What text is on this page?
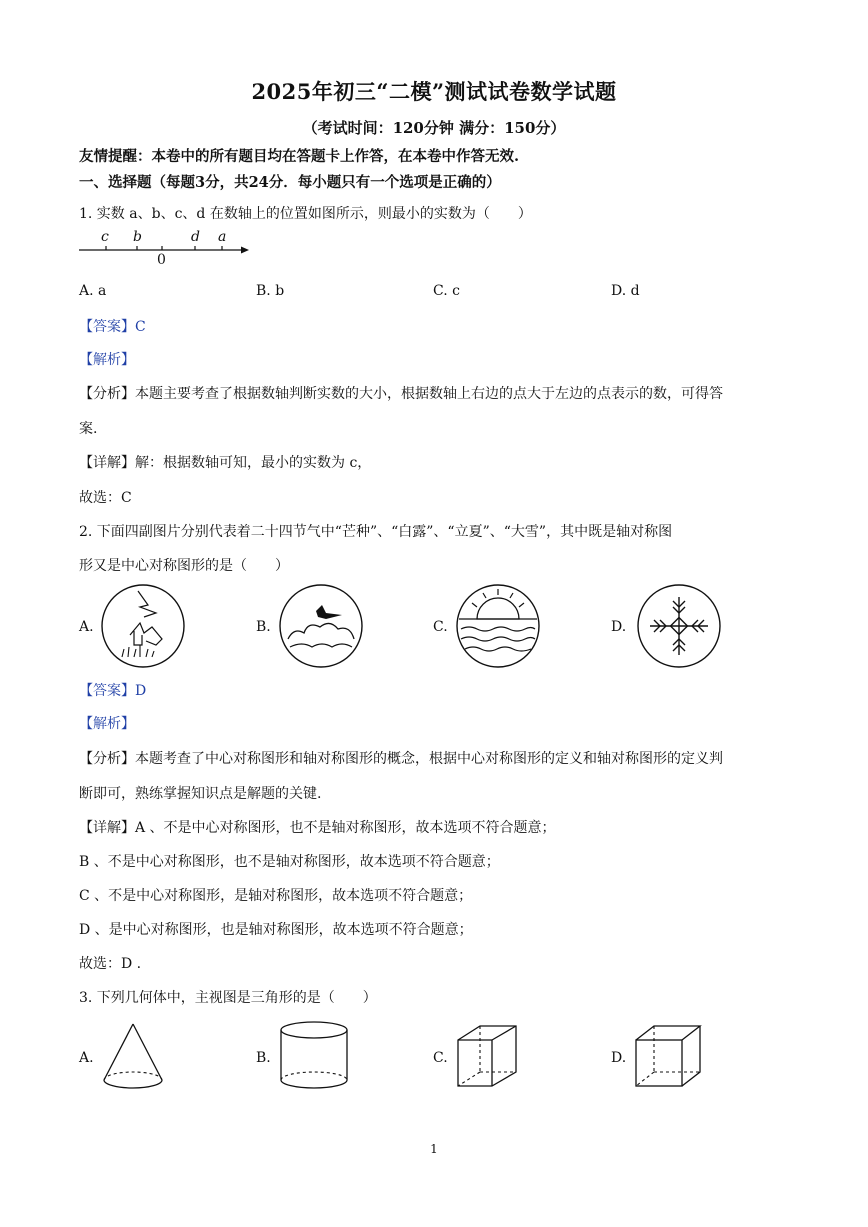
2025年初三“二模”测试试卷数学试题
（考试时间：120分钟 满分：150分）
友情提醒：本卷中的所有题目均在答题卡上作答，在本卷中作答无效.
一、选择题（每题3分，共24分．每小题只有一个选项是正确的）
1. 实数 a、b、c、d 在数轴上的位置如图所示，则最小的实数为（　　）
c b	d a
0
A. a	B. b	C. c	D. d
【答案】C
【解析】
【分析】本题主要考查了根据数轴判断实数的大小，根据数轴上右边的点大于左边的点表示的数，可得答
案.
【详解】解：根据数轴可知，最小的实数为 c，
故选：C
2. 下面四副图片分别代表着二十四节气中“芒种”、“白露”、“立夏”、“大雪”，其中既是轴对称图
形又是中心对称图形的是（　　）
A.	B.	C.	D.
【答案】D
【解析】
【分析】本题考查了中心对称图形和轴对称图形的概念，根据中心对称图形的定义和轴对称图形的定义判
断即可，熟练掌握知识点是解题的关键.
【详解】A 、不是中心对称图形，也不是轴对称图形，故本选项不符合题意；
B 、不是中心对称图形，也不是轴对称图形，故本选项不符合题意；
C 、不是中心对称图形，是轴对称图形，故本选项不符合题意；
D 、是中心对称图形，也是轴对称图形，故本选项不符合题意；
故选：D .
3. 下列几何体中，主视图是三角形的是（　　）
A.	B.	C.	D.
1
